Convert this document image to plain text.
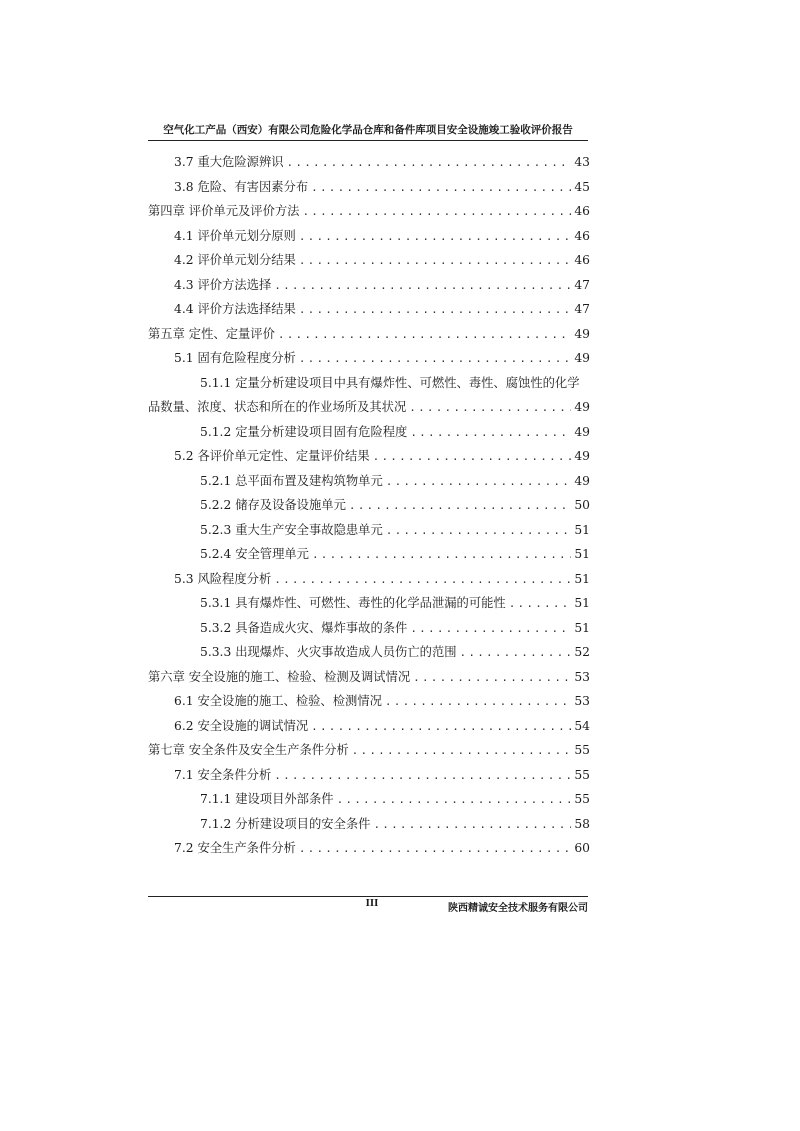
空气化工产品（西安）有限公司危险化学品仓库和备件库项目安全设施竣工验收评价报告
3.7 重大危险源辨识 .....	43
3.8 危险、有害因素分布 .....	45
第四章 评价单元及评价方法 .....	46
4.1 评价单元划分原则 .....	46
4.2 评价单元划分结果 .....	46
4.3 评价方法选择 .....	47
4.4 评价方法选择结果 .....	47
第五章 定性、定量评价 .....	49
5.1 固有危险程度分析 .....	49
5.1.1 定量分析建设项目中具有爆炸性、可燃性、毒性、腐蚀性的化学
品数量、浓度、状态和所在的作业场所及其状况 .....	49
5.1.2 定量分析建设项目固有危险程度 .....	49
5.2 各评价单元定性、定量评价结果 .....	49
5.2.1 总平面布置及建构筑物单元 .....	49
5.2.2 储存及设备设施单元 .....	50
5.2.3 重大生产安全事故隐患单元 .....	51
5.2.4 安全管理单元 .....	51
5.3 风险程度分析 .....	51
5.3.1 具有爆炸性、可燃性、毒性的化学品泄漏的可能性 .....	51
5.3.2 具备造成火灾、爆炸事故的条件 .....	51
5.3.3 出现爆炸、火灾事故造成人员伤亡的范围 .....	52
第六章 安全设施的施工、检验、检测及调试情况 .....	53
6.1 安全设施的施工、检验、检测情况 .....	53
6.2 安全设施的调试情况 .....	54
第七章 安全条件及安全生产条件分析 .....	55
7.1 安全条件分析 .....	55
7.1.1 建设项目外部条件 .....	55
7.1.2 分析建设项目的安全条件 .....	58
7.2 安全生产条件分析 .....	60
III	陕西精诚安全技术服务有限公司
